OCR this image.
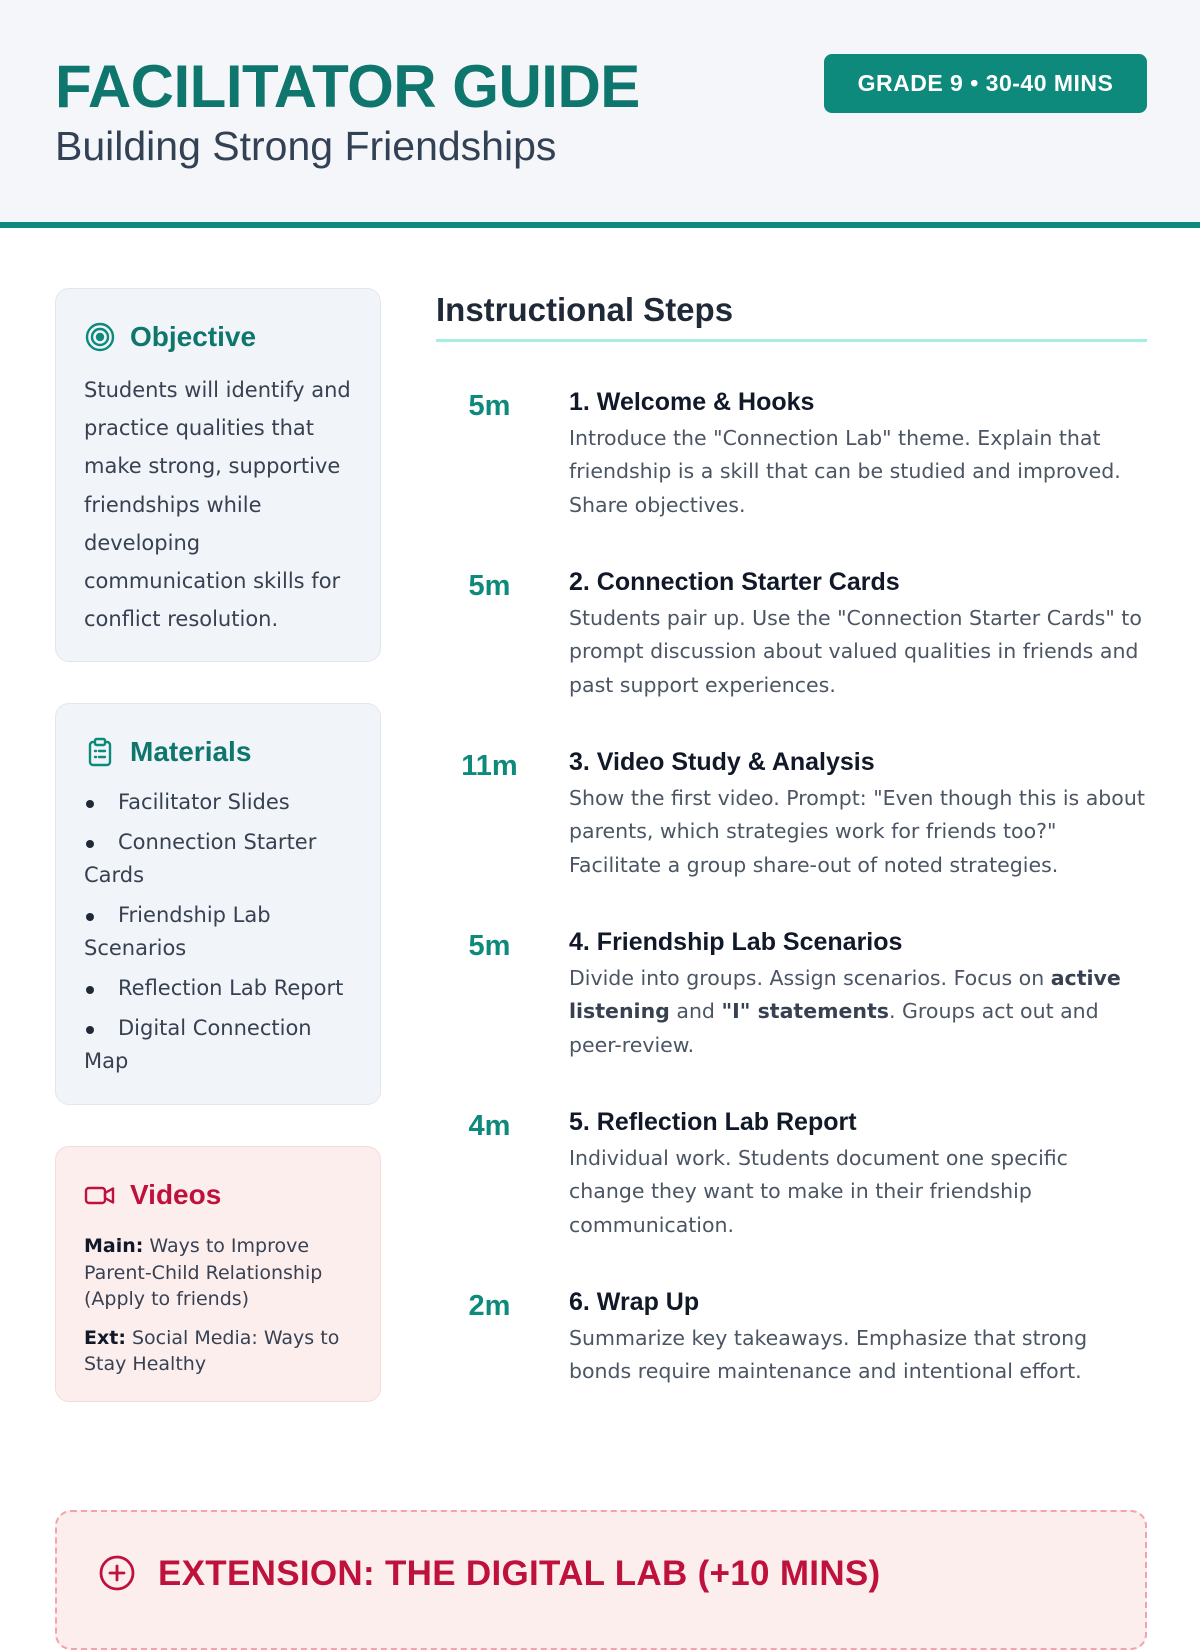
FACILITATOR GUIDE
Building Strong Friendships
GRADE 9 • 30-40 MINS
Objective
Students will identify and practice qualities that make strong, supportive friendships while developing communication skills for conflict resolution.
Materials
Facilitator Slides
Connection Starter Cards
Friendship Lab Scenarios
Reflection Lab Report
Digital Connection Map
Videos
Main: Ways to Improve Parent-Child Relationship (Apply to friends)
Ext: Social Media: Ways to Stay Healthy
Instructional Steps
5m	1. Welcome & Hooks
Introduce the "Connection Lab" theme. Explain that friendship is a skill that can be studied and improved. Share objectives.
5m	2. Connection Starter Cards
Students pair up. Use the "Connection Starter Cards" to prompt discussion about valued qualities in friends and past support experiences.
11m	3. Video Study & Analysis
Show the first video. Prompt: "Even though this is about parents, which strategies work for friends too?" Facilitate a group share-out of noted strategies.
5m	4. Friendship Lab Scenarios
Divide into groups. Assign scenarios. Focus on active listening and "I" statements. Groups act out and peer-review.
4m	5. Reflection Lab Report
Individual work. Students document one specific change they want to make in their friendship communication.
2m	6. Wrap Up
Summarize key takeaways. Emphasize that strong bonds require maintenance and intentional effort.
EXTENSION: THE DIGITAL LAB (+10 MINS)
